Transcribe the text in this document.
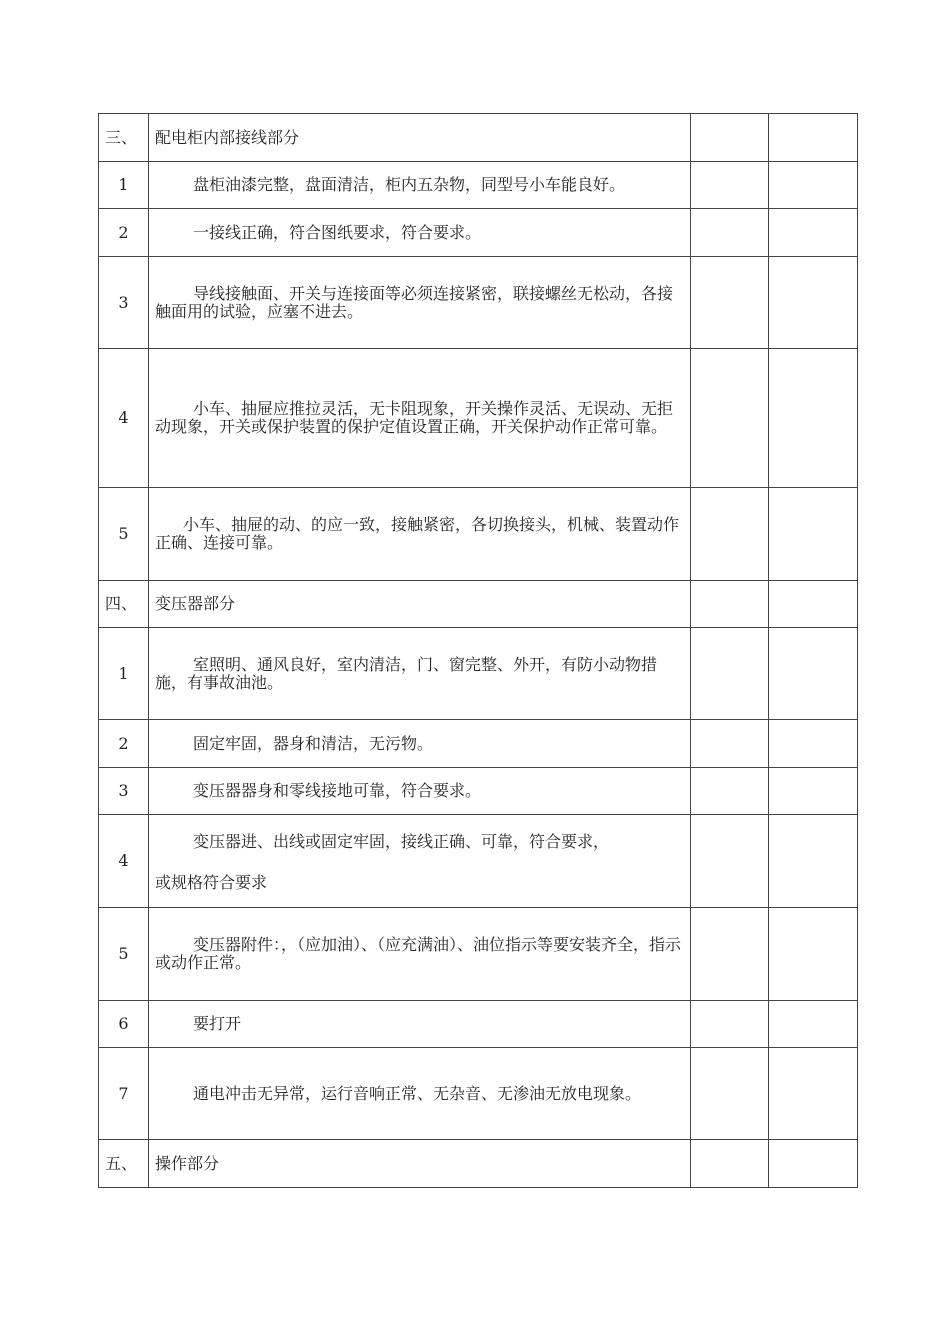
三、	配电柜内部接线部分		
1	盘柜油漆完整，盘面清洁，柜内五杂物，同型号小车能良好。		
2	一接线正确，符合图纸要求，符合要求。		
3	导线接触面、开关与连接面等必须连接紧密，联接螺丝无松动，各接触面用的试验，应塞不进去。		
4	小车、抽屉应推拉灵活，无卡阻现象，开关操作灵活、无误动、无拒动现象，开关或保护装置的保护定值设置正确，开关保护动作正常可靠。		
5	小车、抽屉的动、的应一致，接触紧密，各切换接头，机械、装置动作正确、连接可靠。		
四、	变压器部分		
1	室照明、通风良好，室内清洁，门、窗完整、外开，有防小动物措施，有事故油池。		
2	固定牢固，器身和清洁，无污物。		
3	变压器器身和零线接地可靠，符合要求。		
4	变压器进、出线或固定牢固，接线正确、可靠，符合要求，
或规格符合要求		

5	变压器附件：，（应加油）、（应充满油）、油位指示等要安装齐全，指示或动作正常。		
6	要打开		
7	通电冲击无异常，运行音响正常、无杂音、无渗油无放电现象。		
五、	操作部分		
